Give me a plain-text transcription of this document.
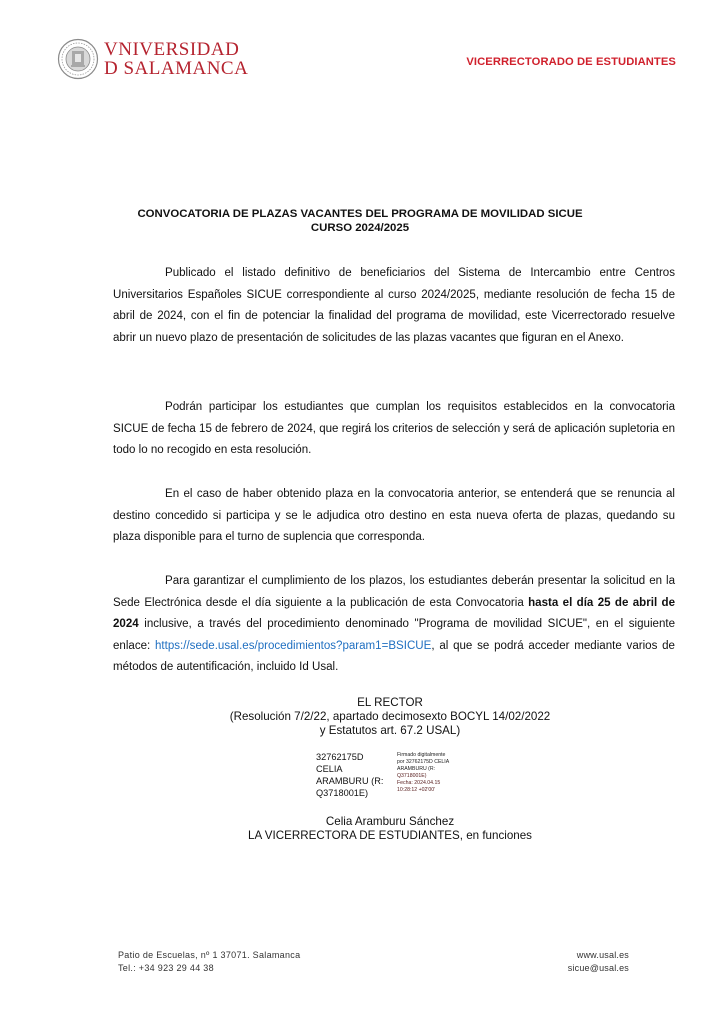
VNIVERSIDAD
D SALAMANCA	VICERRECTORADO DE ESTUDIANTES
CONVOCATORIA DE PLAZAS VACANTES DEL PROGRAMA DE MOVILIDAD SICUE
CURSO 2024/2025
Publicado el listado definitivo de beneficiarios del Sistema de Intercambio entre Centros Universitarios Españoles SICUE correspondiente al curso 2024/2025, mediante resolución de fecha 15 de abril de 2024, con el fin de potenciar la finalidad del programa de movilidad, este Vicerrectorado resuelve abrir un nuevo plazo de presentación de solicitudes de las plazas vacantes que figuran en el Anexo.
Podrán participar los estudiantes que cumplan los requisitos establecidos en la convocatoria SICUE de fecha 15 de febrero de 2024, que regirá los criterios de selección y será de aplicación supletoria en todo lo no recogido en esta resolución.
En el caso de haber obtenido plaza en la convocatoria anterior, se entenderá que se renuncia al destino concedido si participa y se le adjudica otro destino en esta nueva oferta de plazas, quedando su plaza disponible para el turno de suplencia que corresponda.
Para garantizar el cumplimiento de los plazos, los estudiantes deberán presentar la solicitud en la Sede Electrónica desde el día siguiente a la publicación de esta Convocatoria hasta el día 25 de abril de 2024 inclusive, a través del procedimiento denominado "Programa de movilidad SICUE", en el siguiente enlace: https://sede.usal.es/procedimientos?param1=BSICUE, al que se podrá acceder mediante varios de métodos de autentificación, incluido Id Usal.
EL RECTOR
(Resolución 7/2/22, apartado decimosexto BOCYL 14/02/2022
y Estatutos art. 67.2 USAL)
32762175D
CELIA
ARAMBURU (R:
Q3718001E)
Firmado digitalmente
por 32762175D CELIA
ARAMBURU (R:
Q3718001E)
Fecha: 2024.04.15
10:28:12 +02'00'
Celia Aramburu Sánchez
LA VICERRECTORA DE ESTUDIANTES, en funciones
Patio de Escuelas, nº 1 37071. Salamanca
Tel.: +34 923 29 44 38
www.usal.es
sicue@usal.es
